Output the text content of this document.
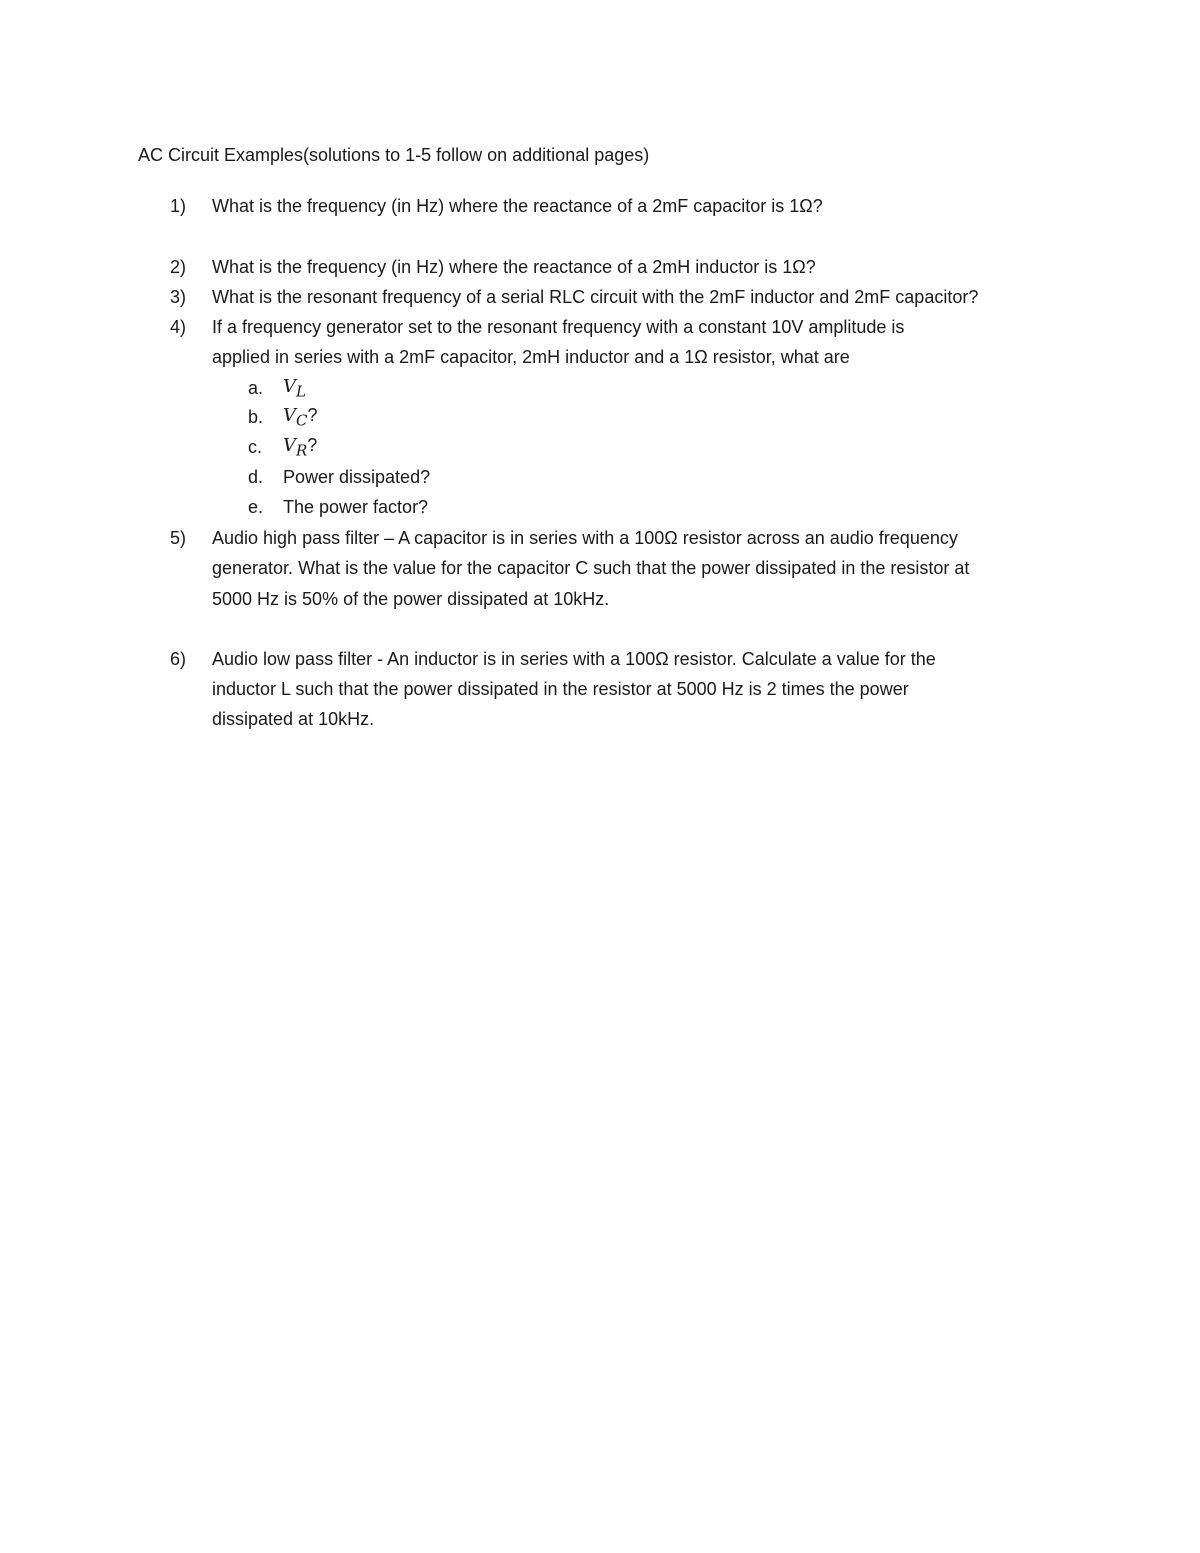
AC Circuit Examples(solutions to 1-5 follow on additional pages)
1) What is the frequency (in Hz) where the reactance of a 2mF capacitor is 1Ω?
2) What is the frequency (in Hz) where the reactance of a 2mH inductor is 1Ω?
3) What is the resonant frequency of a serial RLC circuit with the 2mF inductor and 2mF capacitor?
4) If a frequency generator set to the resonant frequency with a constant 10V amplitude is
applied in series with a 2mF capacitor, 2mH inductor and a 1Ω resistor, what are
a. $V_L$
b. $V_C$?
c. $V_R$?
d. Power dissipated?
e. The power factor?
5) Audio high pass filter – A capacitor is in series with a 100Ω resistor across an audio frequency
generator. What is the value for the capacitor C such that the power dissipated in the resistor at
5000 Hz is 50% of the power dissipated at 10kHz.
6) Audio low pass filter - An inductor is in series with a 100Ω resistor. Calculate a value for the
inductor L such that the power dissipated in the resistor at 5000 Hz is 2 times the power
dissipated at 10kHz.
